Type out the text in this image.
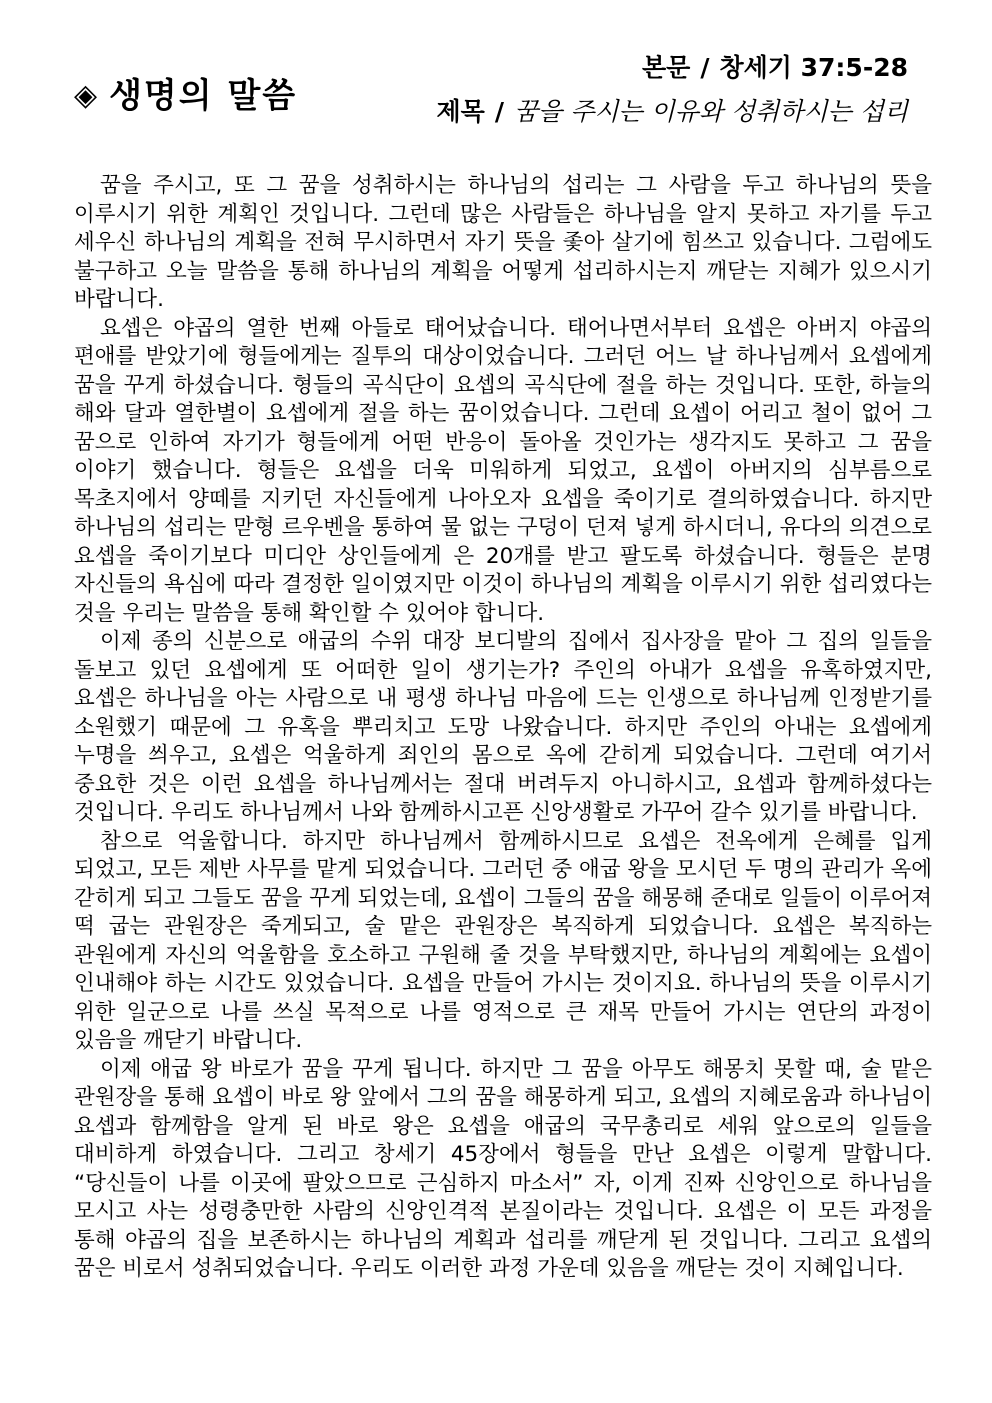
◈ 생명의 말씀
본문 / 창세기 37:5-28
제목 / 꿈을 주시는 이유와 성취하시는 섭리

꿈을 주시고, 또 그 꿈을 성취하시는 하나님의 섭리는 그 사람을 두고 하나님의 뜻을 이루시기 위한 계획인 것입니다. 그런데 많은 사람들은 하나님을 알지 못하고 자기를 두고 세우신 하나님의 계획을 전혀 무시하면서 자기 뜻을 좇아 살기에 힘쓰고 있습니다. 그럼에도 불구하고 오늘 말씀을 통해 하나님의 계획을 어떻게 섭리하시는지 깨닫는 지혜가 있으시기 바랍니다.

요셉은 야곱의 열한 번째 아들로 태어났습니다. 태어나면서부터 요셉은 아버지 야곱의 편애를 받았기에 형들에게는 질투의 대상이었습니다. 그러던 어느 날 하나님께서 요셉에게 꿈을 꾸게 하셨습니다. 형들의 곡식단이 요셉의 곡식단에 절을 하는 것입니다. 또한, 하늘의 해와 달과 열한별이 요셉에게 절을 하는 꿈이었습니다. 그런데 요셉이 어리고 철이 없어 그 꿈으로 인하여 자기가 형들에게 어떤 반응이 돌아올 것인가는 생각지도 못하고 그 꿈을 이야기 했습니다. 형들은 요셉을 더욱 미워하게 되었고, 요셉이 아버지의 심부름으로 목초지에서 양떼를 지키던 자신들에게 나아오자 요셉을 죽이기로 결의하였습니다. 하지만 하나님의 섭리는 맏형 르우벤을 통하여 물 없는 구덩이 던져 넣게 하시더니, 유다의 의견으로 요셉을 죽이기보다 미디안 상인들에게 은 20개를 받고 팔도록 하셨습니다. 형들은 분명 자신들의 욕심에 따라 결정한 일이였지만 이것이 하나님의 계획을 이루시기 위한 섭리였다는 것을 우리는 말씀을 통해 확인할 수 있어야 합니다.

이제 종의 신분으로 애굽의 수위 대장 보디발의 집에서 집사장을 맡아 그 집의 일들을 돌보고 있던 요셉에게 또 어떠한 일이 생기는가? 주인의 아내가 요셉을 유혹하였지만, 요셉은 하나님을 아는 사람으로 내 평생 하나님 마음에 드는 인생으로 하나님께 인정받기를 소원했기 때문에 그 유혹을 뿌리치고 도망 나왔습니다. 하지만 주인의 아내는 요셉에게 누명을 씌우고, 요셉은 억울하게 죄인의 몸으로 옥에 갇히게 되었습니다. 그런데 여기서 중요한 것은 이런 요셉을 하나님께서는 절대 버려두지 아니하시고, 요셉과 함께하셨다는 것입니다. 우리도 하나님께서 나와 함께하시고픈 신앙생활로 가꾸어 갈수 있기를 바랍니다.

참으로 억울합니다. 하지만 하나님께서 함께하시므로 요셉은 전옥에게 은혜를 입게 되었고, 모든 제반 사무를 맡게 되었습니다. 그러던 중 애굽 왕을 모시던 두 명의 관리가 옥에 갇히게 되고 그들도 꿈을 꾸게 되었는데, 요셉이 그들의 꿈을 해몽해 준대로 일들이 이루어져 떡 굽는 관원장은 죽게되고, 술 맡은 관원장은 복직하게 되었습니다. 요셉은 복직하는 관원에게 자신의 억울함을 호소하고 구원해 줄 것을 부탁했지만, 하나님의 계획에는 요셉이 인내해야 하는 시간도 있었습니다. 요셉을 만들어 가시는 것이지요. 하나님의 뜻을 이루시기 위한 일군으로 나를 쓰실 목적으로 나를 영적으로 큰 재목 만들어 가시는 연단의 과정이 있음을 깨닫기 바랍니다.

이제 애굽 왕 바로가 꿈을 꾸게 됩니다. 하지만 그 꿈을 아무도 해몽치 못할 때, 술 맡은 관원장을 통해 요셉이 바로 왕 앞에서 그의 꿈을 해몽하게 되고, 요셉의 지혜로움과 하나님이 요셉과 함께함을 알게 된 바로 왕은 요셉을 애굽의 국무총리로 세워 앞으로의 일들을 대비하게 하였습니다. 그리고 창세기 45장에서 형들을 만난 요셉은 이렇게 말합니다. “당신들이 나를 이곳에 팔았으므로 근심하지 마소서” 자, 이게 진짜 신앙인으로 하나님을 모시고 사는 성령충만한 사람의 신앙인격적 본질이라는 것입니다. 요셉은 이 모든 과정을 통해 야곱의 집을 보존하시는 하나님의 계획과 섭리를 깨닫게 된 것입니다. 그리고 요셉의 꿈은 비로서 성취되었습니다. 우리도 이러한 과정 가운데 있음을 깨닫는 것이 지혜입니다.
